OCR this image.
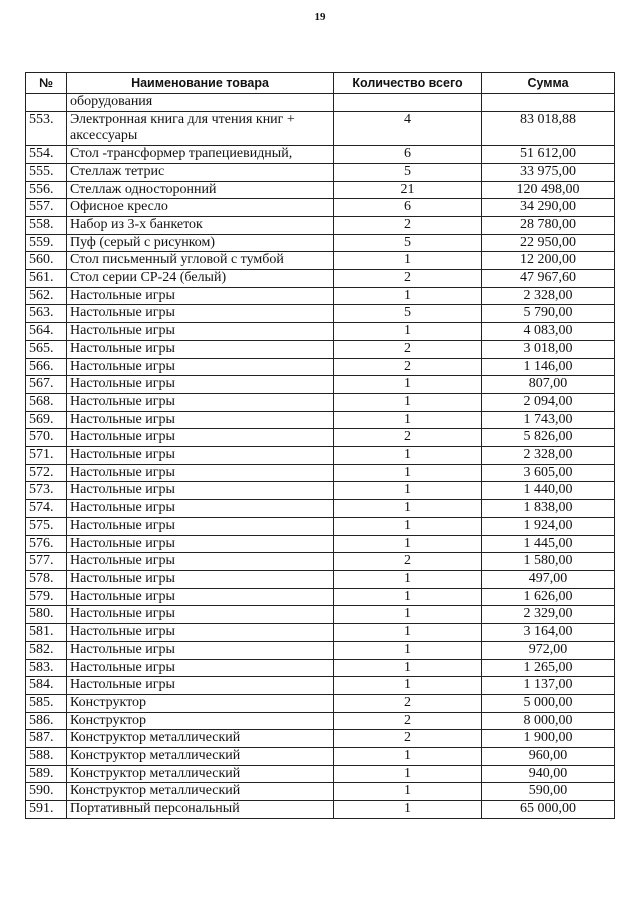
19
№	Наименование товара	Количество всего	Сумма
	оборудования		
553.	Электронная книга для чтения книг + аксессуары	4	83 018,88
554.	Стол -трансформер трапециевидный,	6	51 612,00
555.	Стеллаж тетрис	5	33 975,00
556.	Стеллаж односторонний	21	120 498,00
557.	Офисное кресло	6	34 290,00
558.	Набор из 3-х банкеток	2	28 780,00
559.	Пуф (серый с рисунком)	5	22 950,00
560.	Стол письменный угловой с тумбой	1	12 200,00
561.	Стол серии СР-24 (белый)	2	47 967,60
562.	Настольные игры	1	2 328,00
563.	Настольные игры	5	5 790,00
564.	Настольные игры	1	4 083,00
565.	Настольные игры	2	3 018,00
566.	Настольные игры	2	1 146,00
567.	Настольные игры	1	807,00
568.	Настольные игры	1	2 094,00
569.	Настольные игры	1	1 743,00
570.	Настольные игры	2	5 826,00
571.	Настольные игры	1	2 328,00
572.	Настольные игры	1	3 605,00
573.	Настольные игры	1	1 440,00
574.	Настольные игры	1	1 838,00
575.	Настольные игры	1	1 924,00
576.	Настольные игры	1	1 445,00
577.	Настольные игры	2	1 580,00
578.	Настольные игры	1	497,00
579.	Настольные игры	1	1 626,00
580.	Настольные игры	1	2 329,00
581.	Настольные игры	1	3 164,00
582.	Настольные игры	1	972,00
583.	Настольные игры	1	1 265,00
584.	Настольные игры	1	1 137,00
585.	Конструктор	2	5 000,00
586.	Конструктор	2	8 000,00
587.	Конструктор металлический	2	1 900,00
588.	Конструктор металлический	1	960,00
589.	Конструктор металлический	1	940,00
590.	Конструктор металлический	1	590,00
591.	Портативный персональный	1	65 000,00
